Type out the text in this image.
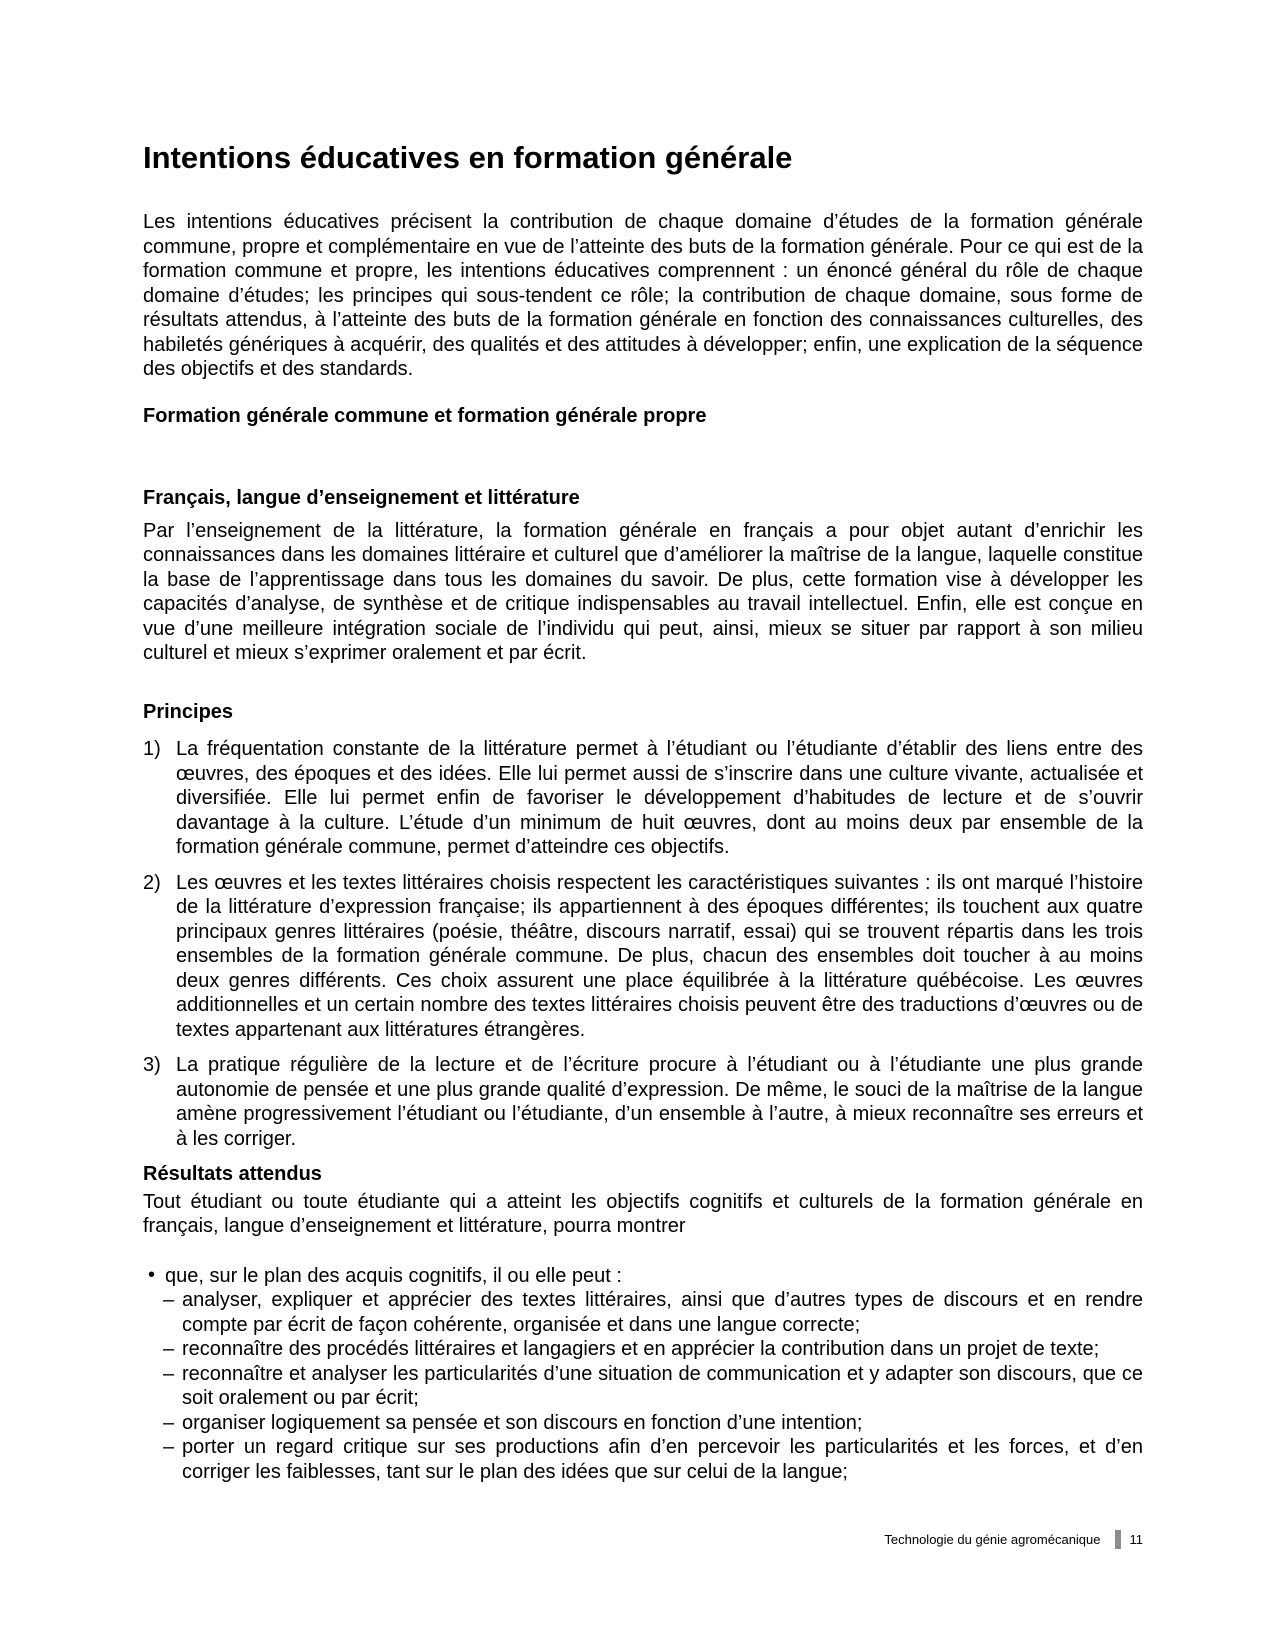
Intentions éducatives en formation générale

Les intentions éducatives précisent la contribution de chaque domaine d’études de la formation générale commune, propre et complémentaire en vue de l’atteinte des buts de la formation générale. Pour ce qui est de la formation commune et propre, les intentions éducatives comprennent : un énoncé général du rôle de chaque domaine d’études; les principes qui sous-tendent ce rôle; la contribution de chaque domaine, sous forme de résultats attendus, à l’atteinte des buts de la formation générale en fonction des connaissances culturelles, des habiletés génériques à acquérir, des qualités et des attitudes à développer; enfin, une explication de la séquence des objectifs et des standards.

Formation générale commune et formation générale propre
Français, langue d’enseignement et littérature

Par l’enseignement de la littérature, la formation générale en français a pour objet autant d’enrichir les connaissances dans les domaines littéraire et culturel que d’améliorer la maîtrise de la langue, laquelle constitue la base de l’apprentissage dans tous les domaines du savoir. De plus, cette formation vise à développer les capacités d’analyse, de synthèse et de critique indispensables au travail intellectuel. Enfin, elle est conçue en vue d’une meilleure intégration sociale de l’individu qui peut, ainsi, mieux se situer par rapport à son milieu culturel et mieux s’exprimer oralement et par écrit.

Principes
1) La fréquentation constante de la littérature permet à l’étudiant ou l’étudiante d’établir des liens entre des œuvres, des époques et des idées. Elle lui permet aussi de s’inscrire dans une culture vivante, actualisée et diversifiée. Elle lui permet enfin de favoriser le développement d’habitudes de lecture et de s’ouvrir davantage à la culture. L’étude d’un minimum de huit œuvres, dont au moins deux par ensemble de la formation générale commune, permet d’atteindre ces objectifs.
2) Les œuvres et les textes littéraires choisis respectent les caractéristiques suivantes : ils ont marqué l’histoire de la littérature d’expression française; ils appartiennent à des époques différentes; ils touchent aux quatre principaux genres littéraires (poésie, théâtre, discours narratif, essai) qui se trouvent répartis dans les trois ensembles de la formation générale commune. De plus, chacun des ensembles doit toucher à au moins deux genres différents. Ces choix assurent une place équilibrée à la littérature québécoise. Les œuvres additionnelles et un certain nombre des textes littéraires choisis peuvent être des traductions d’œuvres ou de textes appartenant aux littératures étrangères.
3) La pratique régulière de la lecture et de l’écriture procure à l’étudiant ou à l’étudiante une plus grande autonomie de pensée et une plus grande qualité d’expression. De même, le souci de la maîtrise de la langue amène progressivement l’étudiant ou l’étudiante, d’un ensemble à l’autre, à mieux reconnaître ses erreurs et à les corriger.
Résultats attendus

Tout étudiant ou toute étudiante qui a atteint les objectifs cognitifs et culturels de la formation générale en français, langue d’enseignement et littérature, pourra montrer

• que, sur le plan des acquis cognitifs, il ou elle peut :
– analyser, expliquer et apprécier des textes littéraires, ainsi que d’autres types de discours et en rendre compte par écrit de façon cohérente, organisée et dans une langue correcte;
– reconnaître des procédés littéraires et langagiers et en apprécier la contribution dans un projet de texte;
– reconnaître et analyser les particularités d’une situation de communication et y adapter son discours, que ce soit oralement ou par écrit;
– organiser logiquement sa pensée et son discours en fonction d’une intention;
– porter un regard critique sur ses productions afin d’en percevoir les particularités et les forces, et d’en corriger les faiblesses, tant sur le plan des idées que sur celui de la langue;
Technologie du génie agromécanique 11
